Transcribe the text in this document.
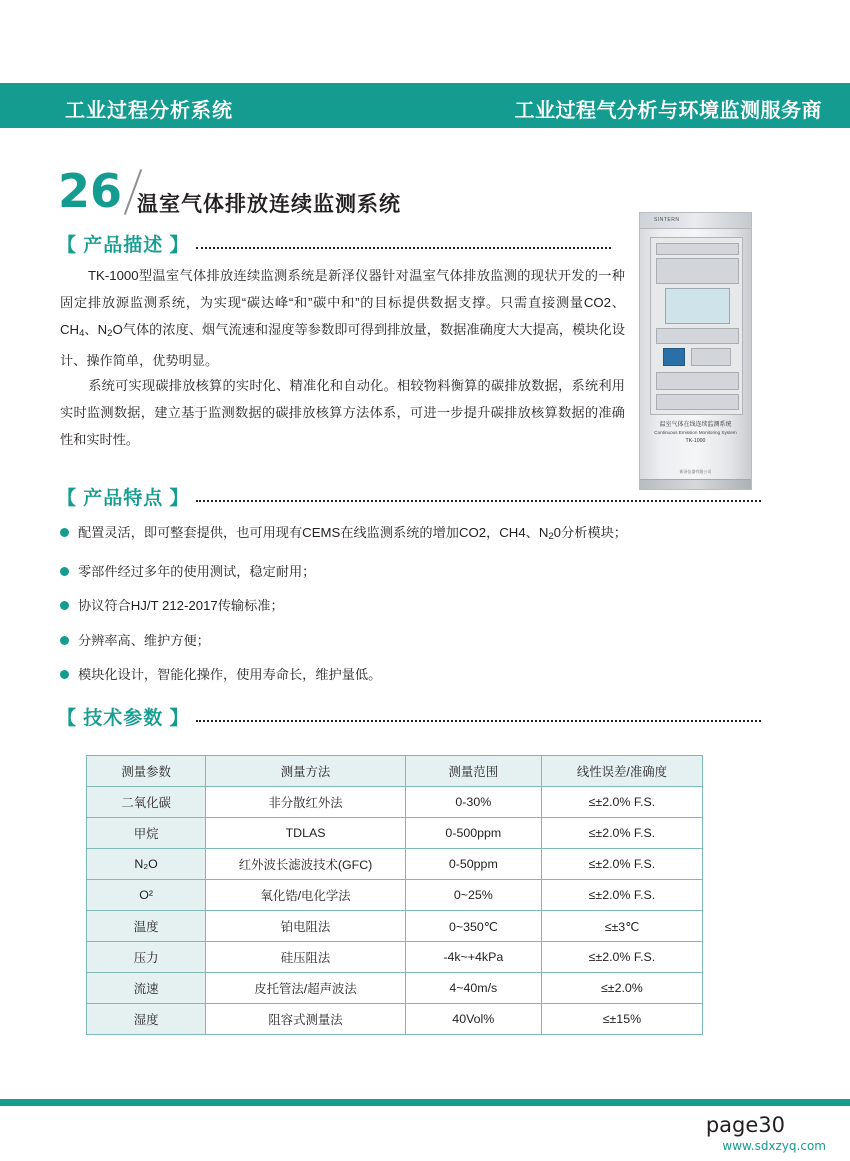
工业过程分析系统	工业过程气分析与环境监测服务商
26 温室气体排放连续监测系统
【 产品描述 】
TK-1000型温室气体排放连续监测系统是新泽仪器针对温室气体排放监测的现状开发的一种固定排放源监测系统，为实现“碳达峰“和”碳中和”的目标提供数据支撑。只需直接测量CO2、$CH_4$、$N_2O$气体的浓度、烟气流速和湿度等参数即可得到排放量，数据准确度大大提高，模块化设计、操作简单，优势明显。
系统可实现碳排放核算的实时化、精准化和自动化。相较物料衡算的碳排放数据，系统利用实时监测数据，建立基于监测数据的碳排放核算方法体系，可进一步提升碳排放核算数据的准确性和实时性。
SINTERN
温室气体在线连续监测系统
Continuous Emission Monitoring System
TK-1000
新泽仪器有限公司
【 产品特点 】
配置灵活，即可整套提供，也可用现有CEMS在线监测系统的增加CO2，CH4、$N_20$分析模块；
零部件经过多年的使用测试，稳定耐用；
协议符合HJ/T 212-2017传输标准；
分辨率高、维护方便；
模块化设计，智能化操作，使用寿命长，维护量低。
【 技术参数 】
测量参数	测量方法	测量范围	线性误差/准确度
二氧化碳	非分散红外法	0-30%	≤±2.0% F.S.
甲烷	TDLAS	0-500ppm	≤±2.0% F.S.
N₂O	红外波长滤波技术(GFC)	0-50ppm	≤±2.0% F.S.
O²	氧化锆/电化学法	0~25%	≤±2.0% F.S.
温度	铂电阻法	0~350℃	≤±3℃
压力	硅压阻法	-4k~+4kPa	≤±2.0% F.S.
流速	皮托管法/超声波法	4~40m/s	≤±2.0%
湿度	阻容式测量法	40Vol%	≤±15%
page30
www.sdxzyq.com
